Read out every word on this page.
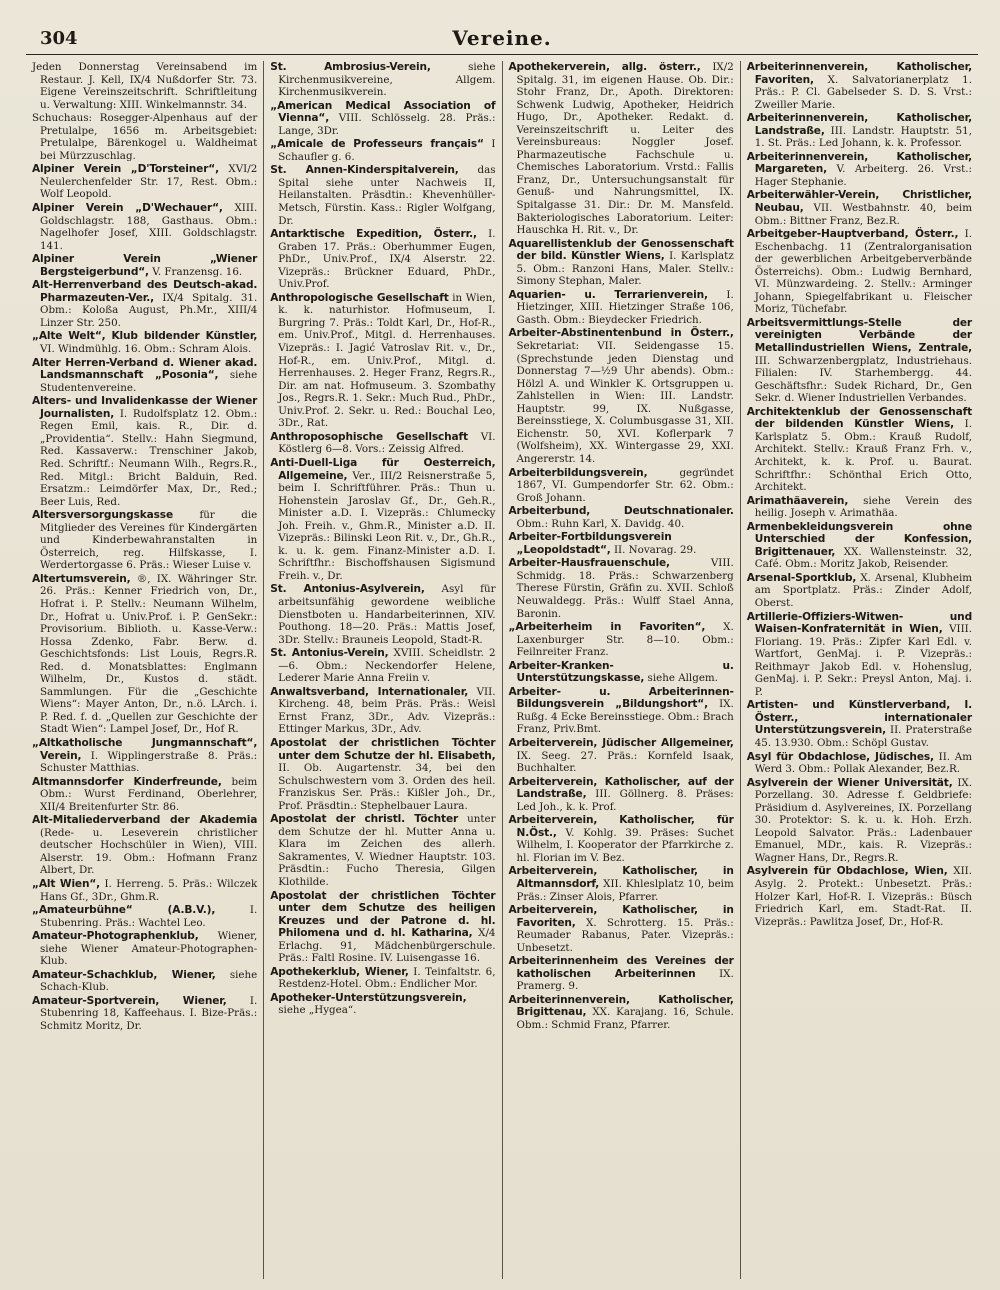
304	Vereine.

Jeden Donnerstag Vereinsabend im Restaur. J. Kell, IX/4 Nußdorfer Str. 73. Eigene Vereinszeitschrift. Schriftleitung u. Verwaltung: XIII. Winkelmannstr. 34.

Schuchaus: Rosegger-Alpenhaus auf der Pretulalpe, 1656 m. Arbeitsgebiet: Pretulalpe, Bärenkogel u. Waldheimat bei Mürzzuschlag.

Alpiner Verein „D'Torsteiner“, XVI/2 Neulerchenfelder Str. 17, Rest. Obm.: Wolf Leopold.

Alpiner Verein „D'Wechauer“, XIII. Goldschlagstr. 188, Gasthaus. Obm.: Nagelhofer Josef, XIII. Goldschlagstr. 141.

Alpiner Verein „Wiener Bergsteigerbund“, V. Franzensg. 16.

Alt-Herrenverband des Deutsch-akad. Pharmazeuten-Ver., IX/4 Spitalg. 31. Obm.: Koloßa August, Ph.Mr., XIII/4 Linzer Str. 250.

„Alte Welt“, Klub bildender Künstler, VI. Windmühlg. 16. Obm.: Schram Alois.

Alter Herren-Verband d. Wiener akad. Landsmannschaft „Posonia“, siehe Studentenvereine.

Alters- und Invalidenkasse der Wiener Journalisten, I. Rudolfsplatz 12. Obm.: Regen Emil, kais. R., Dir. d. „Providentia“. Stellv.: Hahn Siegmund, Red. Kassaverw.: Trenschiner Jakob, Red. Schriftf.: Neumann Wilh., Regrs.R., Red. Mitgl.: Bricht Balduin, Red. Ersatzm.: Leimdörfer Max, Dr., Red.; Beer Luis, Red.

Altersversorgungskasse	für die Mitglieder des Vereines für Kindergärten und Kinderbewahranstalten in Österreich, reg. Hilfskasse, I. Werdertorgasse 6. Präs.: Wieser Luise v.

Altertumsverein, ®, IX. Währinger Str. 26. Präs.: Kenner Friedrich von, Dr., Hofrat i. P. Stellv.: Neumann Wilhelm, Dr., Hofrat u. Univ.Prof. i. P. GenSekr.: Provisorium. Biblioth. u. Kasse-Verw.: Hossa Zdenko, Fabr. Berw. d. Geschichtsfonds: List Louis, Regrs.R. Red. d. Monatsblattes: Englmann Wilhelm, Dr., Kustos d. städt. Sammlungen. Für die „Geschichte Wiens“: Mayer Anton, Dr., n.ö. LArch. i. P. Red. f. d. „Quellen zur Geschichte der Stadt Wien“: Lampel Josef, Dr., Hof R.

„Altkatholische Jungmannschaft“, Verein, I. Wipplingerstraße 8. Präs.: Schuster Matthias.

Altmannsdorfer Kinderfreunde, beim Obm.: Wurst Ferdinand, Oberlehrer, XII/4 Breitenfurter Str. 86.

Alt-Mitaliederverband der Akademia (Rede- u. Leseverein christlicher deutscher Hochschüler in Wien), VIII. Alserstr. 19. Obm.: Hofmann Franz Albert, Dr.

„Alt Wien“, I. Herreng. 5. Präs.: Wilczek Hans Gf., 3Dr., Ghm.R.

„Amateurbühne“ (A.B.V.),	I. Stubenring. Präs.: Wachtel Leo.

Amateur-Photographenklub, Wiener, siehe Wiener Amateur-Photographen-Klub.

Amateur-Schachklub, Wiener, siehe Schach-Klub.

Amateur-Sportverein, Wiener, I. Stubenring 18, Kaffeehaus. I. Bize-Präs.: Schmitz Moritz, Dr.

St. Ambrosius-Verein,	siehe Kirchenmusikvereine, Allgem. Kirchenmusikverein.

„American Medical Association of Vienna“, VIII. Schlösselg. 28. Präs.: Lange, 3Dr.

„Amicale de Professeurs français“ I Schaufler g. 6.

St. Annen-Kinderspitalverein, das Spital siehe unter Nachweis II, Heilanstalten. Präsdtin.: Khevenhüller-Metsch, Fürstin. Kass.: Rigler Wolfgang, Dr.

Antarktische Expedition, Österr., I. Graben 17. Präs.: Oberhummer Eugen, PhDr., Univ.Prof., IX/4 Alserstr. 22. Vizepräs.: Brückner Eduard, PhDr., Univ.Prof.

Anthropologische Gesellschaft in Wien, k. k. naturhistor. Hofmuseum, I. Burgring 7. Präs.: Toldt Karl, Dr., Hof-R., em. Univ.Prof., Mitgl. d. Herrenhauses. Vizepräs.: I. Jagić Vatroslav Rit. v., Dr., Hof-R., em. Univ.Prof., Mitgl. d. Herrenhauses. 2. Heger Franz, Regrs.R., Dir. am nat. Hofmuseum. 3. Szombathy Jos., Regrs.R. 1. Sekr.: Much Rud., PhDr., Univ.Prof. 2. Sekr. u. Red.: Bouchal Leo, 3Dr., Rat.

Anthroposophische Gesellschaft VI. Köstlerg 6—8. Vors.: Zeissig Alfred.

Anti-Duell-Liga für Oesterreich, Allgemeine, Ver., III/2 Reisnerstraße 5, beim I. Schriftführer. Präs.: Thun u. Hohenstein Jaroslav Gf., Dr., Geh.R., Minister a.D. I. Vizepräs.: Chlumecky Joh. Freih. v., Ghm.R., Minister a.D. II. Vizepräs.: Bilinski Leon Rit. v., Dr., Gh.R., k. u. k. gem. Finanz-Minister a.D. I. Schriftfhr.: Bischoffshausen Sigismund Freih. v., Dr.

St. Antonius-Asylverein, Asyl für arbeitsunfähig gewordene weibliche Dienstboten u. Handarbeiterinnen, XIV. Pouthong. 18—20. Präs.: Mattis Josef, 3Dr. Stellv.: Brauneis Leopold, Stadt-R.

St. Antonius-Verein, XVIII. Scheidlstr. 2—6. Obm.: Neckendorfer Helene, Lederer Marie Anna Freiin v.

Anwaltsverband, Internationaler, VII. Kircheng. 48, beim Präs. Präs.: Weisl Ernst Franz, 3Dr., Adv. Vizepräs.: Ettinger Markus, 3Dr., Adv.

Apostolat der christlichen Töchter unter dem Schutze der hl. Elisabeth, II. Ob. Augartenstr. 34, bei den Schulschwestern vom 3. Orden des heil. Franziskus Ser. Präs.: Kißler Joh., Dr., Prof. Präsdtin.: Stephelbauer Laura.

Apostolat der christl. Töchter unter dem Schutze der hl. Mutter Anna u. Klara im Zeichen des allerh. Sakramentes, V. Wiedner Hauptstr. 103. Präsdtin.: Fucho Theresia, Gilgen Klothilde.

Apostolat der christlichen Töchter unter dem Schutze des heiligen Kreuzes und der Patrone d. hl. Philomena und d. hl. Katharina, X/4 Erlachg. 91, Mädchenbürgerschule. Präs.: Faltl Rosine. IV. Luisengasse 16.

Apothekerklub, Wiener, I. Teinfaltstr. 6, Restdenz-Hotel. Obm.: Endlicher Mor.

Apotheker-Unterstützungsverein, siehe „Hygea“.

Apothekerverein, allg. österr., IX/2 Spitalg. 31, im eigenen Hause. Ob. Dir.: Stohr Franz, Dr., Apoth. Direktoren: Schwenk Ludwig, Apotheker, Heidrich Hugo, Dr., Apotheker. Redakt. d. Vereinszeitschrift u. Leiter des Vereinsbureaus: Noggler Josef. Pharmazeutische Fachschule u. Chemisches Laboratorium. Vrstd.: Fallis Franz, Dr., Untersuchungsanstalt für Genuß- und Nahrungsmittel, IX. Spitalgasse 31. Dir.: Dr. M. Mansfeld. Bakteriologisches Laboratorium. Leiter: Hauschka H. Rit. v., Dr.

Aquarellistenklub der Genossenschaft der bild. Künstler Wiens, I. Karlsplatz 5. Obm.: Ranzoni Hans, Maler. Stellv.: Simony Stephan, Maler.

Aquarien- u. Terrarienverein, I. Hietzinger, XIII. Hietzinger Straße 106, Gasth. Obm.: Bieydecker Friedrich.

Arbeiter-Abstinentenbund in Österr., Sekretariat: VII. Seidengasse 15. (Sprechstunde jeden Dienstag und Donnerstag 7—½9 Uhr abends). Obm.: Hölzl A. und Winkler K. Ortsgruppen u. Zahlstellen in Wien: III. Landstr. Hauptstr. 99, IX. Nußgasse, Bereinsstiege, X. Columbusgasse 31, XII. Eichenstr. 50, XVI. Koflerpark 7 (Wolfsheim), XX. Wintergasse 29, XXI. Angererstr. 14.

Arbeiterbildungsverein,	gegründet 1867, VI. Gumpendorfer Str. 62. Obm.: Groß Johann.

Arbeiterbund, Deutschnationaler. Obm.: Ruhn Karl, X. Davidg. 40.

Arbeiter-Fortbildungsverein „Leopoldstadt“, II. Novarag. 29.

Arbeiter-Hausfrauenschule,	VIII. Schmidg. 18. Präs.: Schwarzenberg Therese Fürstin, Gräfin zu. XVII. Schloß Neuwaldegg. Präs.: Wulff Stael Anna, Baronin.

„Arbeiterheim in Favoriten“, X. Laxenburger Str. 8—10. Obm.: Feilnreiter Franz.

Arbeiter-Kranken- u. Unterstützungskasse, siehe Allgem.

Arbeiter- u. Arbeiterinnen-Bildungsverein „Bildungshort“, IX. Rußg. 4 Ecke Bereinsstiege. Obm.: Brach Franz, Priv.Bmt.

Arbeiterverein, Jüdischer Allgemeiner, IX. Seeg. 27. Präs.: Kornfeld Isaak, Buchhalter.

Arbeiterverein, Katholischer, auf der Landstraße, III. Göllnerg. 8. Präses: Led Joh., k. k. Prof.

Arbeiterverein, Katholischer, für N.Öst., V. Kohlg. 39. Präses: Suchet Wilhelm, I. Kooperator der Pfarrkirche z. hl. Florian im V. Bez.

Arbeiterverein, Katholischer, in Altmannsdorf, XII. Khleslplatz 10, beim Präs.: Zinser Alois, Pfarrer.

Arbeiterverein, Katholischer, in Favoriten, X. Schrotterg. 15. Präs.: Reumader Rabanus, Pater. Vizepräs.: Unbesetzt.

Arbeiterinnenheim des Vereines der katholischen Arbeiterinnen IX. Pramerg. 9.

Arbeiterinnenverein, Katholischer, Brigittenau, XX. Karajang. 16, Schule. Obm.: Schmid Franz, Pfarrer.

Arbeiterinnenverein, Katholischer, Favoriten, X. Salvatorianerplatz 1. Präs.: P. Cl. Gabelseder S. D. S. Vrst.: Zweiller Marie.

Arbeiterinnenverein, Katholischer, Landstraße, III. Landstr. Hauptstr. 51, 1. St. Präs.: Led Johann, k. k. Professor.

Arbeiterinnenverein, Katholischer, Margareten, V. Arbeiterg. 26. Vrst.: Hager Stephanie.

Arbeiterwähler-Verein, Christlicher, Neubau, VII. Westbahnstr. 40, beim Obm.: Bittner Franz, Bez.R.

Arbeitgeber-Hauptverband, Österr., I. Eschenbachg. 11 (Zentralorganisation der gewerblichen Arbeitgeberverbände Österreichs). Obm.: Ludwig Bernhard, VI. Münzwardeing. 2. Stellv.: Arminger Johann, Spiegelfabrikant u. Fleischer Moriz, Tüchefabr.

Arbeitsvermittlungs-Stelle der vereinigten Verbände der Metallindustriellen Wiens, Zentrale, III. Schwarzenbergplatz, Industriehaus. Filialen: IV. Starhembergg. 44. Geschäftsfhr.: Sudek Richard, Dr., Gen Sekr. d. Wiener Industriellen Verbandes.

Architektenklub der Genossenschaft der bildenden Künstler Wiens, I. Karlsplatz 5. Obm.: Krauß Rudolf, Architekt. Stellv.: Krauß Franz Frh. v., Architekt, k. k. Prof. u. Baurat. Schriftfhr.: Schönthal Erich Otto, Architekt.

Arimathäaverein, siehe Verein des heilig. Joseph v. Arimathäa.

Armenbekleidungsverein ohne Unterschied der Konfession, Brigittenauer, XX. Wallensteinstr. 32, Café. Obm.: Moritz Jakob, Reisender.

Arsenal-Sportklub, X. Arsenal, Klubheim am Sportplatz. Präs.: Zinder Adolf, Oberst.

Artillerie-Offiziers-Witwen- und Waisen-Konfraternität in Wien, VIII. Floriang. 19. Präs.: Zipfer Karl Edl. v. Wartfort, GenMaj. i. P. Vizepräs.: Reithmayr Jakob Edl. v. Hohenslug, GenMaj. i. P. Sekr.: Preysl Anton, Maj. i. P.

Artisten- und Künstlerverband, I. Österr., internationaler Unterstützungsverein, II. Praterstraße 45. 13.930. Obm.: Schöpl Gustav.

Asyl für Obdachlose, Jüdisches, II. Am Werd 3. Obm.: Pollak Alexander, Bez.R.

Asylverein der Wiener Universität, IX. Porzellang. 30. Adresse f. Geldbriefe: Präsidium d. Asylvereines, IX. Porzellang 30. Protektor: S. k. u. k. Hoh. Erzh. Leopold Salvator. Präs.: Ladenbauer Emanuel, MDr., kais. R. Vizepräs.: Wagner Hans, Dr., Regrs.R.

Asylverein für Obdachlose, Wien, XII. Asylg. 2. Protekt.: Unbesetzt. Präs.: Holzer Karl, Hof-R. I. Vizepräs.: Büsch Friedrich Karl, em. Stadt-Rat. II. Vizepräs.: Pawlitza Josef, Dr., Hof-R.
